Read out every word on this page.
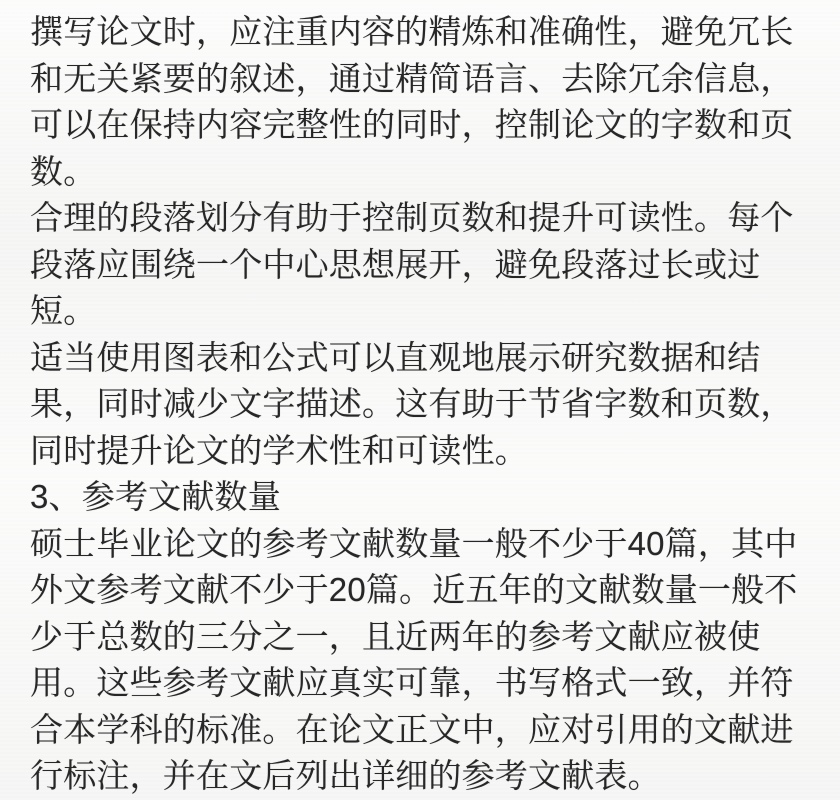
撰写论文时，应注重内容的精炼和准确性，避免冗长
和无关紧要的叙述，通过精简语言、去除冗余信息，
可以在保持内容完整性的同时，控制论文的字数和页
数。
合理的段落划分有助于控制页数和提升可读性。每个
段落应围绕一个中心思想展开，避免段落过长或过
短。
适当使用图表和公式可以直观地展示研究数据和结
果，同时减少文字描述。这有助于节省字数和页数，
同时提升论文的学术性和可读性。
3、参考文献数量
硕士毕业论文的参考文献数量一般不少于40篇，其中
外文参考文献不少于20篇。近五年的文献数量一般不
少于总数的三分之一，且近两年的参考文献应被使
用。这些参考文献应真实可靠，书写格式一致，并符
合本学科的标准。在论文正文中，应对引用的文献进
行标注，并在文后列出详细的参考文献表。
